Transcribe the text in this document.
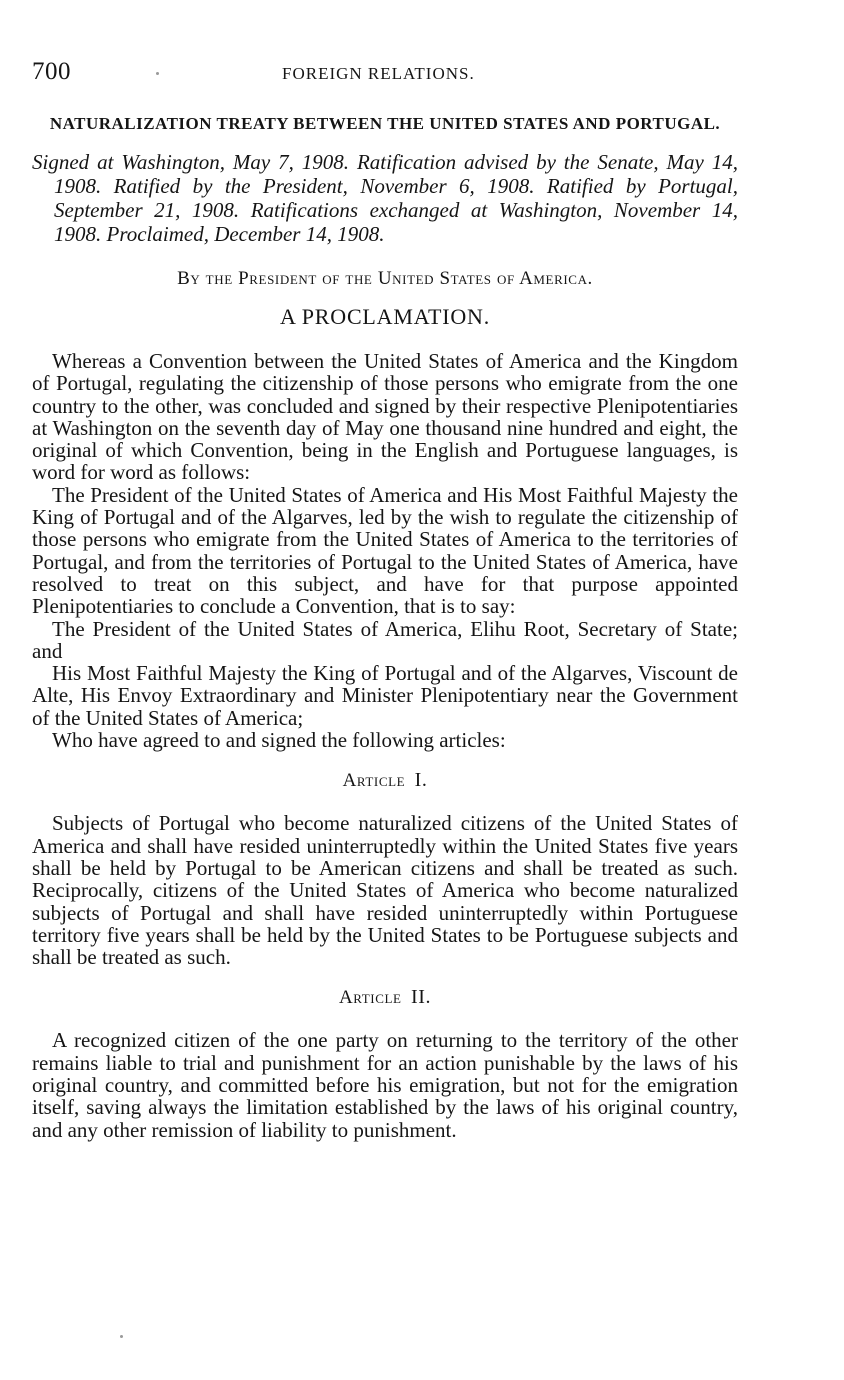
700	FOREIGN RELATIONS.
NATURALIZATION TREATY BETWEEN THE UNITED STATES AND PORTUGAL.

Signed at Washington, May 7, 1908. Ratification advised by the Senate, May 14, 1908. Ratified by the President, November 6, 1908. Ratified by Portugal, September 21, 1908. Ratifications exchanged at Washington, November 14, 1908. Proclaimed, December 14, 1908.

By the President of the United States of America.

A PROCLAMATION.

Whereas a Convention between the United States of America and the Kingdom of Portugal, regulating the citizenship of those persons who emigrate from the one country to the other, was concluded and signed by their respective Plenipotentiaries at Washington on the seventh day of May one thousand nine hundred and eight, the original of which Convention, being in the English and Portuguese languages, is word for word as follows:

The President of the United States of America and His Most Faithful Majesty the King of Portugal and of the Algarves, led by the wish to regulate the citizenship of those persons who emigrate from the United States of America to the territories of Portugal, and from the territories of Portugal to the United States of America, have resolved to treat on this subject, and have for that purpose appointed Plenipotentiaries to conclude a Convention, that is to say:

The President of the United States of America, Elihu Root, Secretary of State; and

His Most Faithful Majesty the King of Portugal and of the Algarves, Viscount de Alte, His Envoy Extraordinary and Minister Plenipotentiary near the Government of the United States of America;

Who have agreed to and signed the following articles:

Article I.

Subjects of Portugal who become naturalized citizens of the United States of America and shall have resided uninterruptedly within the United States five years shall be held by Portugal to be American citizens and shall be treated as such. Reciprocally, citizens of the United States of America who become naturalized subjects of Portugal and shall have resided uninterruptedly within Portuguese territory five years shall be held by the United States to be Portuguese subjects and shall be treated as such.

Article II.

A recognized citizen of the one party on returning to the territory of the other remains liable to trial and punishment for an action punishable by the laws of his original country, and committed before his emigration, but not for the emigration itself, saving always the limitation established by the laws of his original country, and any other remission of liability to punishment.
